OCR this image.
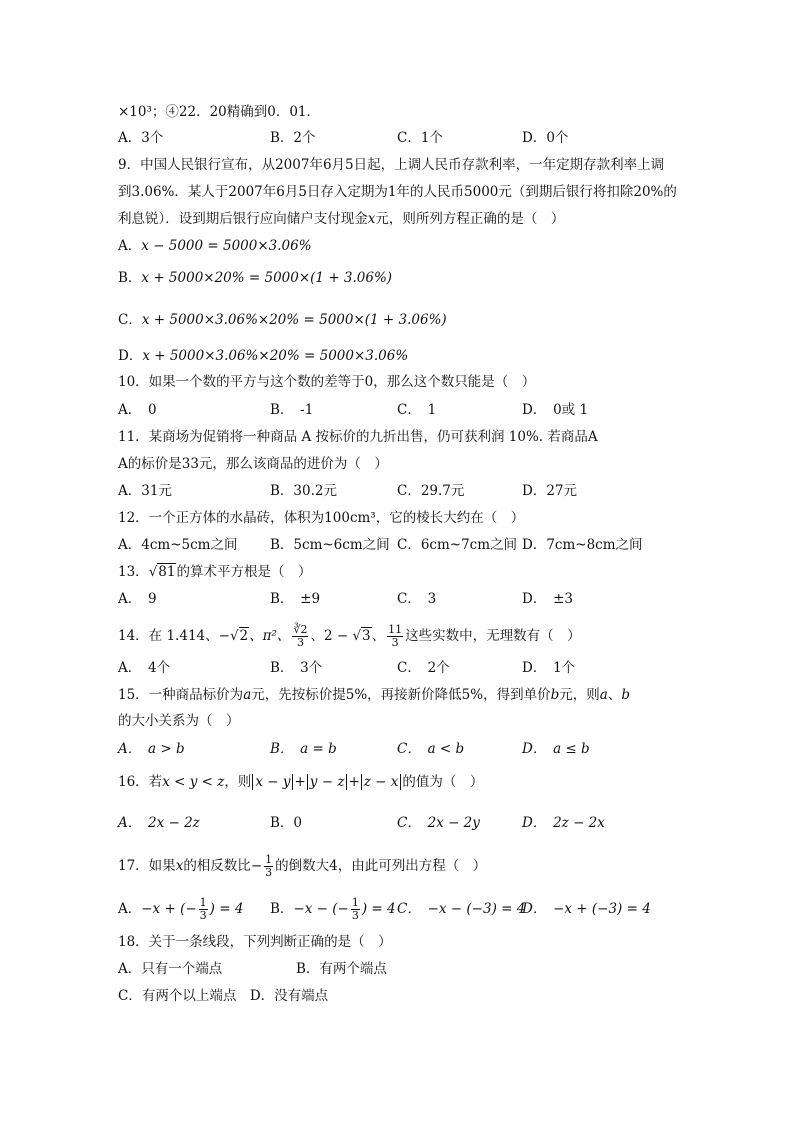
×10³；④22．20精确到0．01．
A．3个	B．2个	C．1个	D．0个
9．中国人民银行宣布，从2007年6月5日起，上调人民币存款利率，一年定期存款利率上调
到3.06%．某人于2007年6月5日存入定期为1年的人民币5000元（到期后银行将扣除20%的
利息锐）．设到期后银行应向储户支付现金x元，则所列方程正确的是（　）
A．x − 5000 = 5000×3.06%
B．x + 5000×20% = 5000×(1 + 3.06%)
C．x + 5000×3.06%×20% = 5000×(1 + 3.06%)
D．x + 5000×3.06%×20% = 5000×3.06%
10．如果一个数的平方与这个数的差等于0，那么这个数只能是（　）
A．　0	B．　-1	C．　1	D．　0或 1
11．某商场为促销将一种商品 A 按标价的九折出售，仍可获利润 10%. 若商品A
A的标价是33元，那么该商品的进价为（　）
A．31元	B．30.2元	C．29.7元	D．27元
12．一个正方体的水晶砖，体积为100cm³，它的棱长大约在（　）
A．4cm~5cm之间 B．5cm~6cm之间 C．6cm~7cm之间 D．7cm~8cm之间
13．√81的算术平方根是（　）
A．　9	B．　±9	C．　3	D．　±3
14．在 1.414、−√2、π²、 $\frac{∛2}{3}$ 、2 − √3、 $\frac{11}{3}$ 这些实数中，无理数有（　）
A．　4个	B．　3个	C．　2个	D．　1个
15．一种商品标价为a元，先按标价提5%，再接新价降低5%，得到单价b元，则a、b
的大小关系为（　）
A．　a > b	B．　a = b	C．　a < b	D．　a ≤ b
16．若x < y < z，则 x − y + y − z + z − x 的值为（　）
A．　2x − 2z	B．0	C．　2x − 2y	D．　2z − 2x
17．如果x的相反数比− $\frac{1}{3}$ 的倒数大4，由此可列出方程（　）
A．−x + (− $\frac{1}{3}$ ) = 4 B．−x − (− $\frac{1}{3}$ ) = 4 C．　−x − (−3) = 4
D．　−x + (−3) = 4
18．关于一条线段，下列判断正确的是（　）
A．只有一个端点	B．有两个端点
C．有两个以上端点　D．没有端点
